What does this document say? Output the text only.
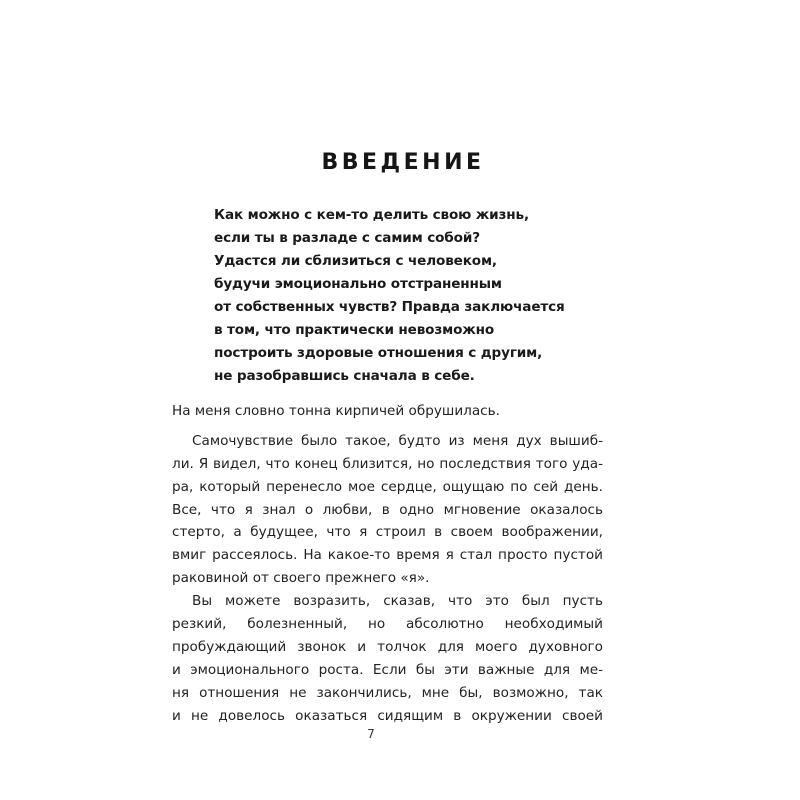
ВВЕДЕНИЕ
Как можно с кем-то делить свою жизнь,
если ты в разладе с самим собой?
Удастся ли сблизиться с человеком,
будучи эмоционально отстраненным
от собственных чувств? Правда заключается
в том, что практически невозможно
построить здоровые отношения с другим,
не разобравшись сначала в себе.
На меня словно тонна кирпичей обрушилась.
Самочувствие было такое, будто из меня дух вышиб-
ли. Я видел, что конец близится, но последствия того уда-
ра, который перенесло мое сердце, ощущаю по сей день.
Все, что я знал о любви, в одно мгновение оказалось
стерто, а будущее, что я строил в своем воображении,
вмиг рассеялось. На какое-то время я стал просто пустой
раковиной от своего прежнего «я».
Вы можете возразить, сказав, что это был пусть
резкий, болезненный, но абсолютно необходимый
пробуждающий звонок и толчок для моего духовного
и эмоционального роста. Если бы эти важные для ме-
ня отношения не закончились, мне бы, возможно, так
и не довелось оказаться сидящим в окружении своей
7
